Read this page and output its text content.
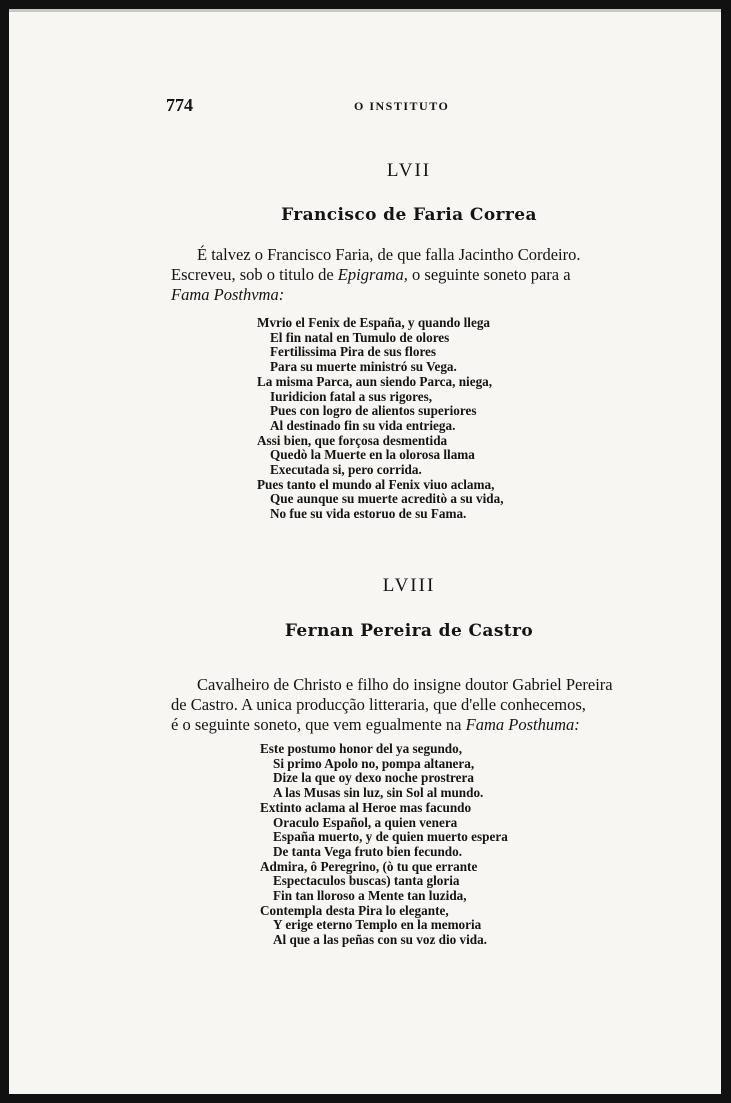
774	O INSTITUTO
LVII
Francisco de Faria Correa

É talvez o Francisco Faria, de que falla Jacintho Cordeiro.
Escreveu, sob o titulo de Epigrama, o seguinte soneto para a
Fama Posthvma:

Mvrio el Fenix de España, y quando llega
El fin natal en Tumulo de olores
Fertilissima Pira de sus flores
Para su muerte ministró su Vega.
La misma Parca, aun siendo Parca, niega,
Iuridicion fatal a sus rigores,
Pues con logro de alientos superiores
Al destinado fin su vida entriega.
Assi bien, que forçosa desmentida
Quedò la Muerte en la olorosa llama
Executada si, pero corrida.
Pues tanto el mundo al Fenix viuo aclama,
Que aunque su muerte acreditò a su vida,
No fue su vida estoruo de su Fama.
LVIII
Fernan Pereira de Castro

Cavalheiro de Christo e filho do insigne doutor Gabriel Pereira
de Castro. A unica producção litteraria, que d'elle conhecemos,
é o seguinte soneto, que vem egualmente na Fama Posthuma:

Este postumo honor del ya segundo,
Si primo Apolo no, pompa altanera,
Dize la que oy dexo noche prostrera
A las Musas sin luz, sin Sol al mundo.
Extinto aclama al Heroe mas facundo
Oraculo Español, a quien venera
España muerto, y de quien muerto espera
De tanta Vega fruto bien fecundo.
Admira, ô Peregrino, (ò tu que errante
Espectaculos buscas) tanta gloria
Fin tan lloroso a Mente tan luzida,
Contempla desta Pira lo elegante,
Y erige eterno Templo en la memoria
Al que a las peñas con su voz dio vida.
